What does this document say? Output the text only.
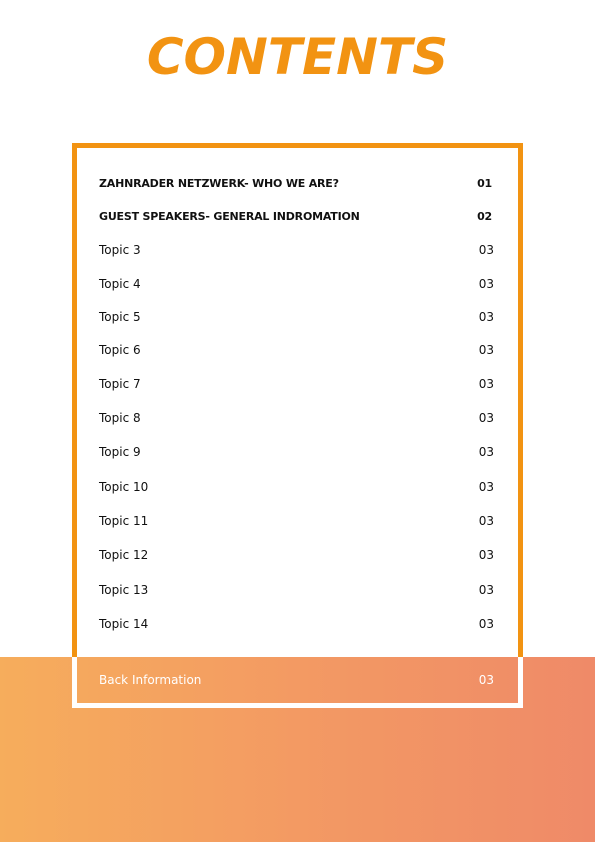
CONTENTS
ZAHNRADER NETZWERK- WHO WE ARE?	01
GUEST SPEAKERS- GENERAL INDROMATION	02
Topic 3	03
Topic 4	03
Topic 5	03
Topic 6	03
Topic 7	03
Topic 8	03
Topic 9	03
Topic 10	03
Topic 11	03
Topic 12	03
Topic 13	03
Topic 14	03
Back Information	03
